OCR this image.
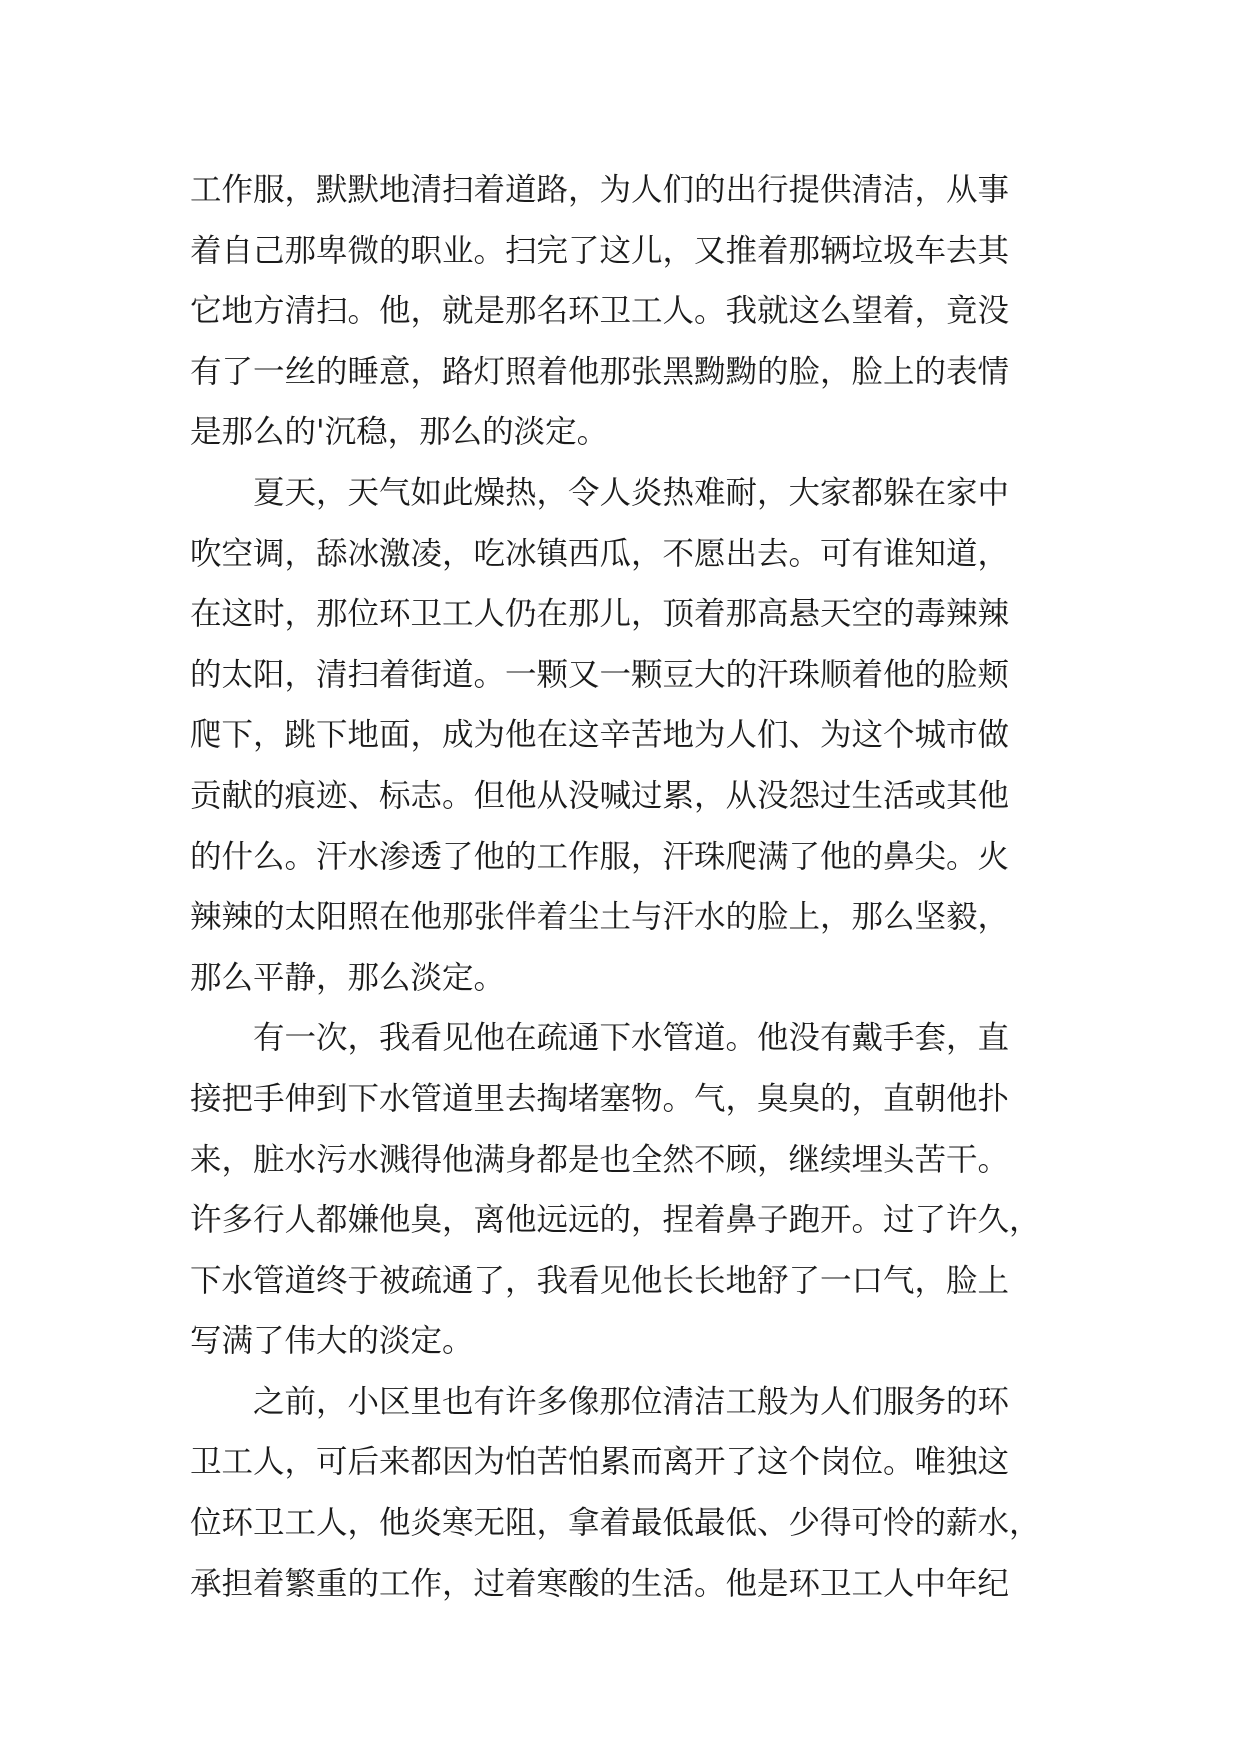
工作服，默默地清扫着道路，为人们的出行提供清洁，从事
着自己那卑微的职业。扫完了这儿，又推着那辆垃圾车去其
它地方清扫。他，就是那名环卫工人。我就这么望着，竟没
有了一丝的睡意，路灯照着他那张黑黝黝的脸，脸上的表情
是那么的'沉稳，那么的淡定。
夏天，天气如此燥热，令人炎热难耐，大家都躲在家中
吹空调，舔冰激凌，吃冰镇西瓜，不愿出去。可有谁知道，
在这时，那位环卫工人仍在那儿，顶着那高悬天空的毒辣辣
的太阳，清扫着街道。一颗又一颗豆大的汗珠顺着他的脸颊
爬下，跳下地面，成为他在这辛苦地为人们、为这个城市做
贡献的痕迹、标志。但他从没喊过累，从没怨过生活或其他
的什么。汗水渗透了他的工作服，汗珠爬满了他的鼻尖。火
辣辣的太阳照在他那张伴着尘土与汗水的脸上，那么坚毅，
那么平静，那么淡定。
有一次，我看见他在疏通下水管道。他没有戴手套，直
接把手伸到下水管道里去掏堵塞物。气，臭臭的，直朝他扑
来，脏水污水溅得他满身都是也全然不顾，继续埋头苦干。
许多行人都嫌他臭，离他远远的，捏着鼻子跑开。过了许久，
下水管道终于被疏通了，我看见他长长地舒了一口气，脸上
写满了伟大的淡定。
之前，小区里也有许多像那位清洁工般为人们服务的环
卫工人，可后来都因为怕苦怕累而离开了这个岗位。唯独这
位环卫工人，他炎寒无阻，拿着最低最低、少得可怜的薪水，
承担着繁重的工作，过着寒酸的生活。他是环卫工人中年纪
